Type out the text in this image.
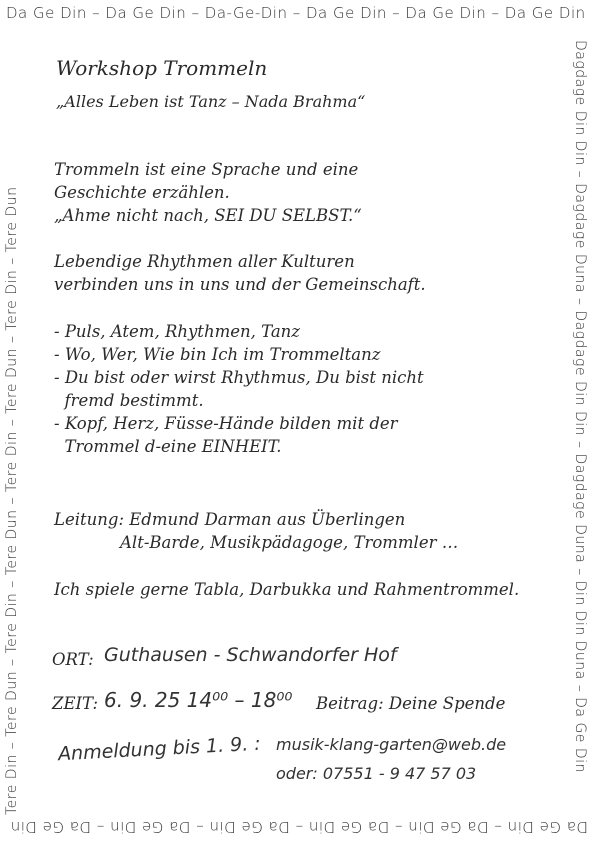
Da Ge Din – Da Ge Din – Da-Ge-Din – Da Ge Din – Da Ge Din – Da Ge Din
Da Ge Din – Da Ge Din – Da Ge Din – Da Ge Din – Da Ge Din – Da Ge Din
Dagdage Din Din – Dagdage Duna – Dagdage Din Din – Dagdage Duna – Din Din Duna – Da Ge Din
Tere Din – Tere Dun – Tere Din – Tere Dun – Tere Din – Tere Dun – Tere Din – Tere Dun
Workshop Trommeln
„Alles Leben ist Tanz – Nada Brahma“
Trommeln ist eine Sprache und eine
Geschichte erzählen.
„Ahme nicht nach, SEI DU SELBST.“
Lebendige Rhythmen aller Kulturen
verbinden uns in uns und der Gemeinschaft.
- Puls, Atem, Rhythmen, Tanz
- Wo, Wer, Wie bin Ich im Trommeltanz
- Du bist oder wirst Rhythmus, Du bist nicht
fremd bestimmt.
- Kopf, Herz, Füsse-Hände bilden mit der
Trommel d-eine EINHEIT.
Leitung: Edmund Darman aus Überlingen
Alt-Barde, Musikpädagoge, Trommler …
Ich spiele gerne Tabla, Darbukka und Rahmentrommel.
ORT: Guthausen - Schwandorfer Hof
ZEIT: 6. 9. 25 14⁰⁰ – 18⁰⁰ Beitrag: Deine Spende
Anmeldung bis 1. 9. : musik-klang-garten@web.de
oder: 07551 - 9 47 57 03
